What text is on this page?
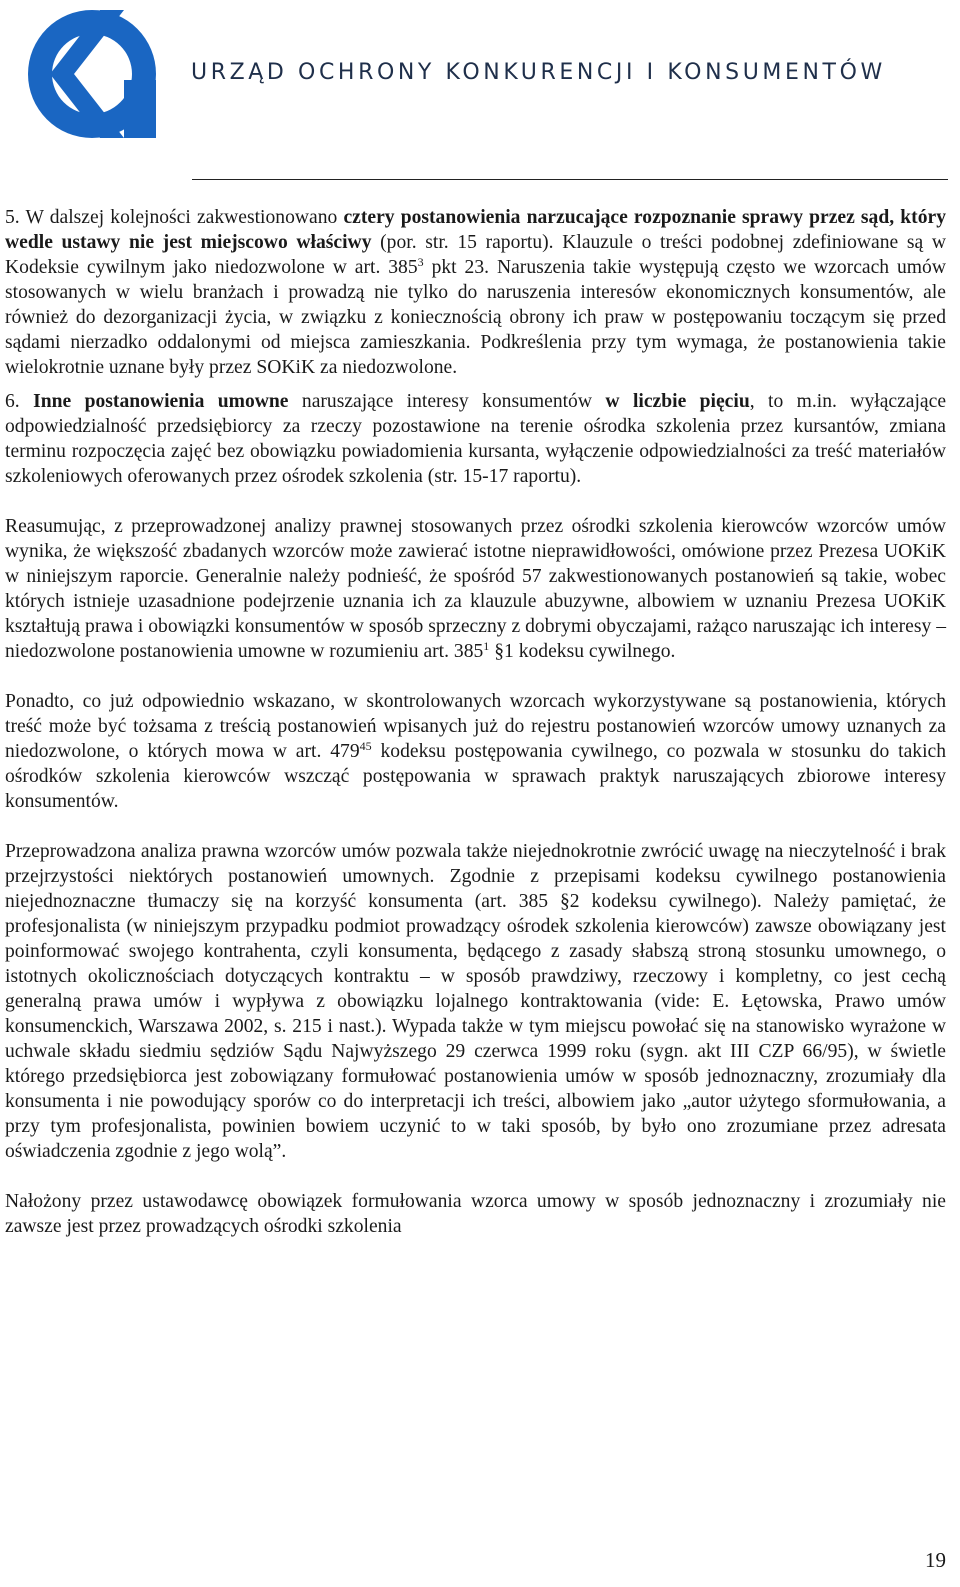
URZĄD OCHRONY KONKURENCJI I KONSUMENTÓW

5. W dalszej kolejności zakwestionowano cztery postanowienia narzucające rozpoznanie sprawy przez sąd, który wedle ustawy nie jest miejscowo właściwy (por. str. 15 raportu). Klauzule o treści podobnej zdefiniowane są w Kodeksie cywilnym jako niedozwolone w art. $385^3$ pkt 23. Naruszenia takie występują często we wzorcach umów stosowanych w wielu branżach i prowadzą nie tylko do naruszenia interesów ekonomicznych konsumentów, ale również do dezorganizacji życia, w związku z koniecznością obrony ich praw w postępowaniu toczącym się przed sądami nierzadko oddalonymi od miejsca zamieszkania. Podkreślenia przy tym wymaga, że postanowienia takie wielokrotnie uznane były przez SOKiK za niedozwolone.

6. Inne postanowienia umowne naruszające interesy konsumentów w liczbie pięciu, to m.in. wyłączające odpowiedzialność przedsiębiorcy za rzeczy pozostawione na terenie ośrodka szkolenia przez kursantów, zmiana terminu rozpoczęcia zajęć bez obowiązku powiadomienia kursanta, wyłączenie odpowiedzialności za treść materiałów szkoleniowych oferowanych przez ośrodek szkolenia (str. 15-17 raportu).

Reasumując, z przeprowadzonej analizy prawnej stosowanych przez ośrodki szkolenia kierowców wzorców umów wynika, że większość zbadanych wzorców może zawierać istotne nieprawidłowości, omówione przez Prezesa UOKiK w niniejszym raporcie. Generalnie należy podnieść, że spośród 57 zakwestionowanych postanowień są takie, wobec których istnieje uzasadnione podejrzenie uznania ich za klauzule abuzywne, albowiem w uznaniu Prezesa UOKiK kształtują prawa i obowiązki konsumentów w sposób sprzeczny z dobrymi obyczajami, rażąco naruszając ich interesy – niedozwolone postanowienia umowne w rozumieniu art. $385^1$ §1 kodeksu cywilnego.

Ponadto, co już odpowiednio wskazano, w skontrolowanych wzorcach wykorzystywane są postanowienia, których treść może być tożsama z treścią postanowień wpisanych już do rejestru postanowień wzorców umowy uznanych za niedozwolone, o których mowa w art. $479^{45}$ kodeksu postępowania cywilnego, co pozwala w stosunku do takich ośrodków szkolenia kierowców wszcząć postępowania w sprawach praktyk naruszających zbiorowe interesy konsumentów.

Przeprowadzona analiza prawna wzorców umów pozwala także niejednokrotnie zwrócić uwagę na nieczytelność i brak przejrzystości niektórych postanowień umownych. Zgodnie z przepisami kodeksu cywilnego postanowienia niejednoznaczne tłumaczy się na korzyść konsumenta (art. 385 §2 kodeksu cywilnego). Należy pamiętać, że profesjonalista (w niniejszym przypadku podmiot prowadzący ośrodek szkolenia kierowców) zawsze obowiązany jest poinformować swojego kontrahenta, czyli konsumenta, będącego z zasady słabszą stroną stosunku umownego, o istotnych okolicznościach dotyczących kontraktu – w sposób prawdziwy, rzeczowy i kompletny, co jest cechą generalną prawa umów i wypływa z obowiązku lojalnego kontraktowania (vide: E. Łętowska, Prawo umów konsumenckich, Warszawa 2002, s. 215 i nast.). Wypada także w tym miejscu powołać się na stanowisko wyrażone w uchwale składu siedmiu sędziów Sądu Najwyższego 29 czerwca 1999 roku (sygn. akt III CZP 66/95), w świetle którego przedsiębiorca jest zobowiązany formułować postanowienia umów w sposób jednoznaczny, zrozumiały dla konsumenta i nie powodujący sporów co do interpretacji ich treści, albowiem jako „autor użytego sformułowania, a przy tym profesjonalista, powinien bowiem uczynić to w taki sposób, by było ono zrozumiane przez adresata oświadczenia zgodnie z jego wolą”.

Nałożony przez ustawodawcę obowiązek formułowania wzorca umowy w sposób jednoznaczny i zrozumiały nie zawsze jest przez prowadzących ośrodki szkolenia

19
